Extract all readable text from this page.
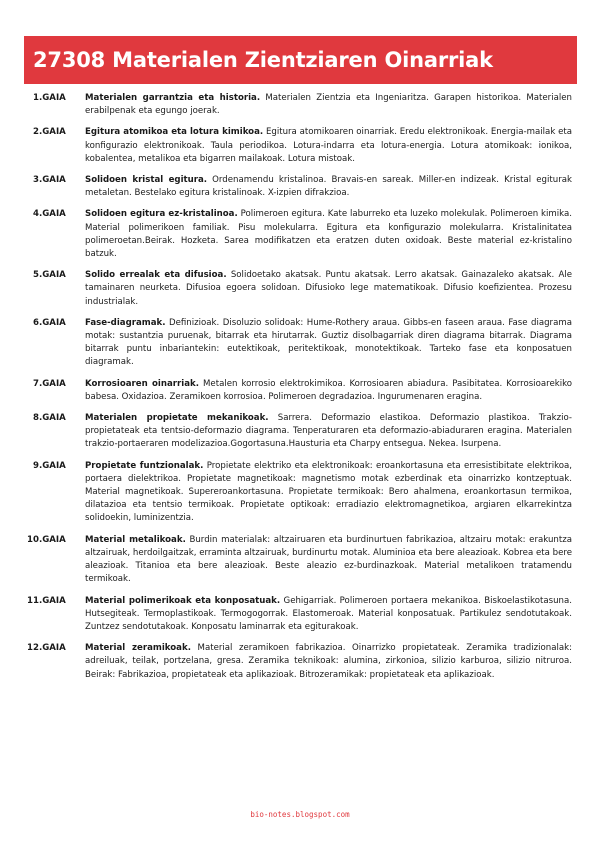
27308 Materialen Zientziaren Oinarriak
1.GAIA	Materialen garrantzia eta historia. Materialen Zientzia eta Ingeniaritza. Garapen historikoa. Materialen erabilpenak eta egungo joerak.

2.GAIA	Egitura atomikoa eta lotura kimikoa. Egitura atomikoaren oinarriak. Eredu elektronikoak. Energia-mailak eta konfigurazio elektronikoak. Taula periodikoa. Lotura-indarra eta lotura-energia. Lotura atomikoak: ionikoa, kobalentea, metalikoa eta bigarren mailakoak. Lotura mistoak.

3.GAIA	Solidoen kristal egitura. Ordenamendu kristalinoa. Bravais-en sareak. Miller-en indizeak. Kristal egiturak metaletan. Bestelako egitura kristalinoak. X-izpien difrakzioa.

4.GAIA	Solidoen egitura ez-kristalinoa. Polimeroen egitura. Kate laburreko eta luzeko molekulak. Polimeroen kimika. Material polimerikoen familiak. Pisu molekularra. Egitura eta konfigurazio molekularra. Kristalinitatea polimeroetan.Beirak. Hozketa. Sarea modifikatzen eta eratzen duten oxidoak. Beste material ez-kristalino batzuk.

5.GAIA	Solido errealak eta difusioa. Solidoetako akatsak. Puntu akatsak. Lerro akatsak. Gainazaleko akatsak. Ale tamainaren neurketa. Difusioa egoera solidoan. Difusioko lege matematikoak. Difusio koefizientea. Prozesu industrialak.

6.GAIA	Fase-diagramak. Definizioak. Disoluzio solidoak: Hume-Rothery araua. Gibbs-en faseen araua. Fase diagrama motak: sustantzia puruenak, bitarrak eta hirutarrak. Guztiz disolbagarriak diren diagrama bitarrak. Diagrama bitarrak puntu inbariantekin: eutektikoak, peritektikoak, monotektikoak. Tarteko fase eta konposatuen diagramak.

7.GAIA	Korrosioaren oinarriak. Metalen korrosio elektrokimikoa. Korrosioaren abiadura. Pasibitatea. Korrosioarekiko babesa. Oxidazioa. Zeramikoen korrosioa. Polimeroen degradazioa. Ingurumenaren eragina.

8.GAIA	Materialen propietate mekanikoak. Sarrera. Deformazio elastikoa. Deformazio plastikoa. Trakzio-propietateak eta tentsio-deformazio diagrama. Tenperaturaren eta deformazio-abiaduraren eragina. Materialen trakzio-portaeraren modelizazioa.Gogortasuna.Hausturia eta Charpy entsegua. Nekea. Isurpena.

9.GAIA	Propietate funtzionalak. Propietate elektriko eta elektronikoak: eroankortasuna eta erresistibitate elektrikoa, portaera dielektrikoa. Propietate magnetikoak: magnetismo motak ezberdinak eta oinarrizko kontzeptuak. Material magnetikoak. Supereroankortasuna. Propietate termikoak: Bero ahalmena, eroankortasun termikoa, dilatazioa eta tentsio termikoak. Propietate optikoak: erradiazio elektromagnetikoa, argiaren elkarrekintza solidoekin, luminizentzia.

10.GAIA	Material metalikoak. Burdin materialak: altzairuaren eta burdinurtuen fabrikazioa, altzairu motak: erakuntza altzairuak, herdoilgaitzak, erraminta altzairuak, burdinurtu motak. Aluminioa eta bere aleazioak. Kobrea eta bere aleazioak. Titanioa eta bere aleazioak. Beste aleazio ez-burdinazkoak. Material metalikoen tratamendu termikoak.

11.GAIA	Material polimerikoak eta konposatuak. Gehigarriak. Polimeroen portaera mekanikoa. Biskoelastikotasuna. Hutsegiteak. Termoplastikoak. Termogogorrak. Elastomeroak. Material konposatuak. Partikulez sendotutakoak. Zuntzez sendotutakoak. Konposatu laminarrak eta egiturakoak.

12.GAIA	Material zeramikoak. Material zeramikoen fabrikazioa. Oinarrizko propietateak. Zeramika tradizionalak: adreiluak, teilak, portzelana, gresa. Zeramika teknikoak: alumina, zirkonioa, silizio karburoa, silizio nitruroa. Beirak: Fabrikazioa, propietateak eta aplikazioak. Bitrozeramikak: propietateak eta aplikazioak.

bio-notes.blogspot.com
